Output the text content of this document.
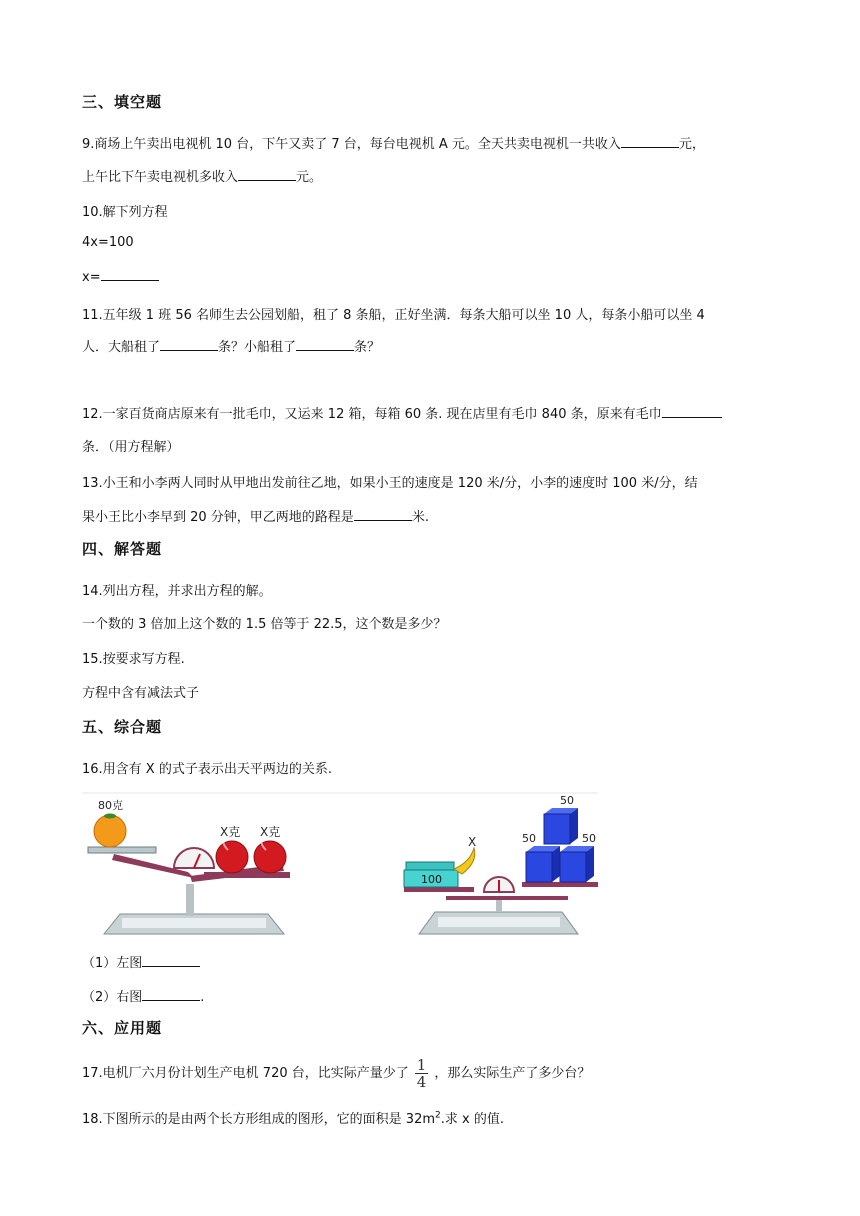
三、填空题
9.商场上午卖出电视机 10 台，下午又卖了 7 台，每台电视机 A 元。全天共卖电视机一共收入	元，
上午比下午卖电视机多收入	元。
10.解下列方程
4x=100
x=
11.五年级 1 班 56 名师生去公园划船，租了 8 条船，正好坐满．每条大船可以坐 10 人，每条小船可以坐 4
人．大船租了	条？小船租了	条？
12.一家百货商店原来有一批毛巾，又运来 12 箱，每箱 60 条. 现在店里有毛巾 840 条，原来有毛巾
条．（用方程解）
13.小王和小李两人同时从甲地出发前往乙地，如果小王的速度是 120 米/分，小李的速度时 100 米/分，结
果小王比小李早到 20 分钟，甲乙两地的路程是	米.
四、解答题
14.列出方程，并求出方程的解。
一个数的 3 倍加上这个数的 1.5 倍等于 22.5，这个数是多少？
15.按要求写方程.
方程中含有减法式子
五、综合题
16.用含有 X 的式子表示出天平两边的关系.
80克
X克 X克
100
X
50
50	50
（1）左图
（2）右图	.
六、应用题
17.电机厂六月份计划生产电机 720 台，比实际产量少了 $\frac{1}{4}$ ，那么实际生产了多少台？
18.下图所示的是由两个长方形组成的图形，它的面积是 $32m^2$.求 x 的值.
